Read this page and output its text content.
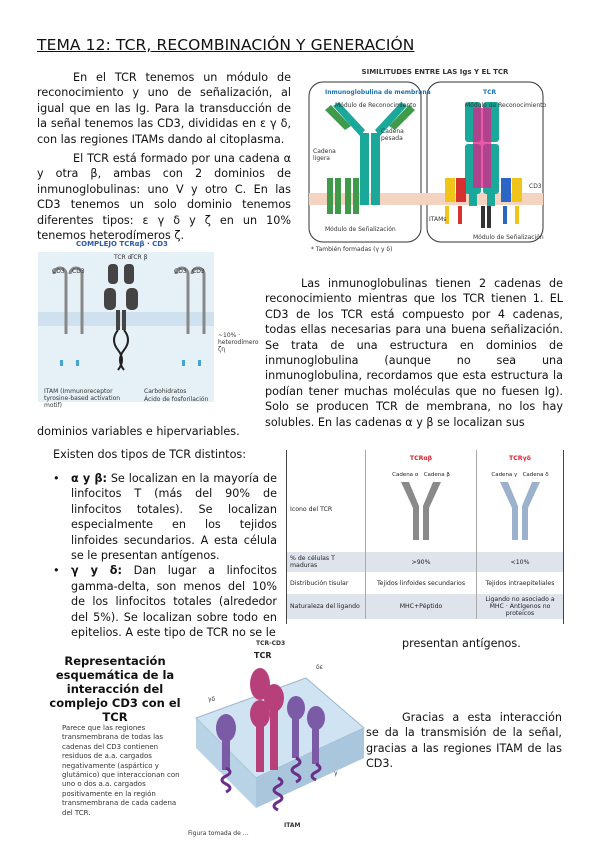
TEMA 12: TCR, RECOMBINACIÓN Y GENERACIÓN

En el TCR tenemos un módulo de reconocimiento y uno de señalización, al igual que en las Ig. Para la transducción de la señal tenemos las CD3, divididas en ε γ δ, con las regiones ITAMs dando al citoplasma.

El TCR está formado por una cadena α y otra β, ambas con 2 dominios de inmunoglobulinas: uno V y otro C. En las CD3 tenemos un solo dominio tenemos diferentes tipos: ε γ δ y ζ en un 10% tenemos heterodímeros ζ.

SIMILITUDES ENTRE LAS Igs Y EL TCR
Inmunoglobulina de membrana	TCR
Módulo de Reconocimiento	Módulo de Reconocimiento
Cadena ligera
Cadena pesada
CD3
ITAMs
Módulo de Señalización
Módulo de Señalización
* También formadas (γ y δ)
COMPLEJO TCRαβ · CD3
TCR α
TCR β
CD3 CD3	CD3 CD3
~10% · heterodímero ζη
ITAM (Immunoreceptor tyrosine-based activation motif)
Carbohidratos
Ácido de fosforilación

Las inmunoglobulinas tienen 2 cadenas de reconocimiento mientras que los TCR tienen 1. EL CD3 de los TCR está compuesto por 4 cadenas, todas ellas necesarias para una buena señalización. Se trata de una estructura en dominios de inmunoglobulina (aunque no sea una inmunoglobulina, recordamos que esta estructura la podían tener muchas moléculas que no fuesen Ig). Solo se producen TCR de membrana, no los hay solubles. En las cadenas α y β se localizan sus

dominios variables e hipervariables.

Existen dos tipos de TCR distintos:

• α y β: Se localizan en la mayoría de linfocitos T (más del 90% de linfocitos totales). Se localizan especialmente en los tejidos linfoides secundarios. A esta célula se le presentan antígenos.
• γ y δ: Dan lugar a linfocitos gamma-delta, son menos del 10% de los linfocitos totales (alrededor del 5%). Se localizan sobre todo en epitelios. A este tipo de TCR no se le

presentan antígenos.

	TCRαβ	TCRγδ
Icono del TCR	Cadena α Cadena β	Cadena γ Cadena δ

% de células T maduras	>90%	<10%
Distribución tisular	Tejidos linfoides secundarios	Tejidos intraepiteliales
Naturaleza del ligando	MHC+Péptido	Ligando no asociado a MHC · Antígenos no proteicos
Representación esquemática de la interacción del complejo CD3 con el TCR
Parece que las regiones transmembrana de todas las cadenas del CD3 contienen residuos de a.a. cargados negativamente (aspártico y glutámico) que interaccionan con uno o dos a.a. cargados positivamente en la región transmembrana de cada cadena del TCR.
TCR-CD3
TCR
γδ
δε
γ
ITAM
Figura tomada de …

Gracias a esta interacción se da la transmisión de la señal, gracias a las regiones ITAM de las CD3.
